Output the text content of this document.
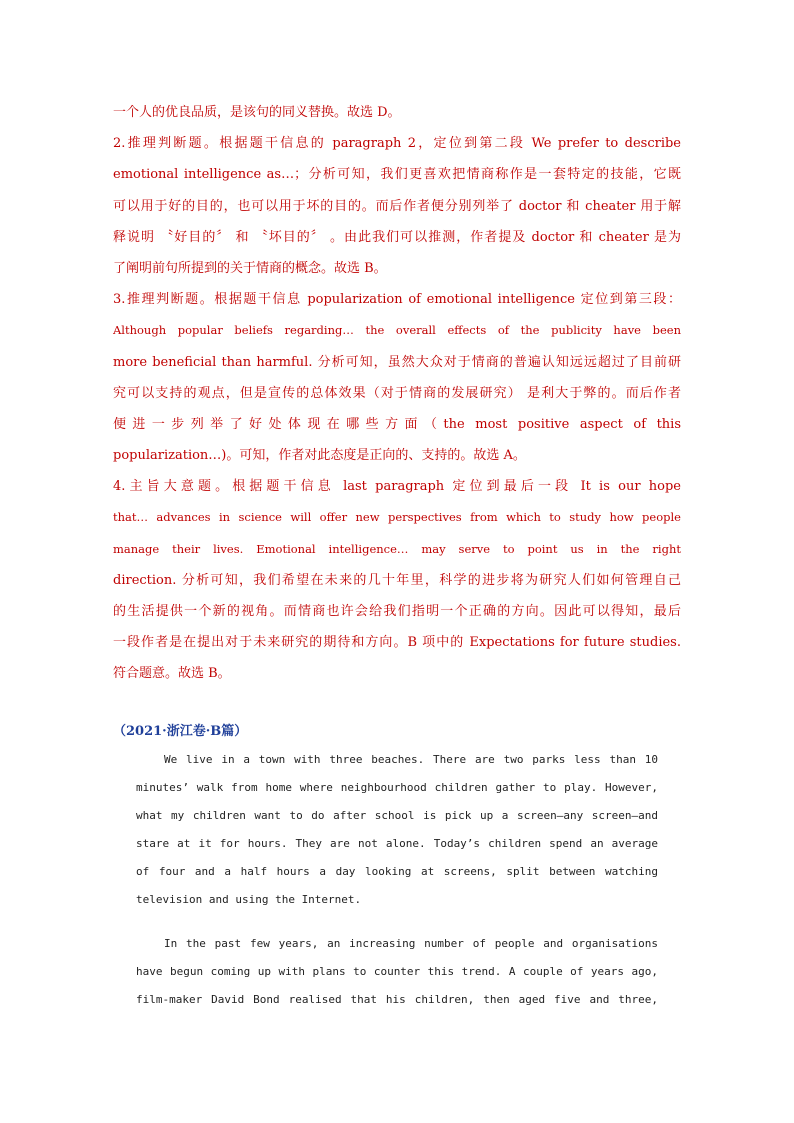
一个人的优良品质，是该句的同义替换。故选 D。
2.推理判断题。根据题干信息的 paragraph 2，定位到第二段 We prefer to describe
emotional intelligence as…；分析可知，我们更喜欢把情商称作是一套特定的技能，它既
可以用于好的目的，也可以用于坏的目的。而后作者便分别列举了 doctor 和 cheater 用于解
释说明 〝好目的〞 和 〝坏目的〞 。由此我们可以推测，作者提及 doctor 和 cheater 是为
了阐明前句所提到的关于情商的概念。故选 B。
3.推理判断题。根据题干信息 popularization of emotional intelligence 定位到第三段：
Although popular beliefs regarding… the overall effects of the publicity have been
more beneficial than harmful. 分析可知，虽然大众对于情商的普遍认知远远超过了目前研
究可以支持的观点，但是宣传的总体效果（对于情商的发展研究） 是利大于弊的。而后作者
便进一步列举了好处体现在哪些方面（the most positive aspect of this
popularization…)。可知，作者对此态度是正向的、支持的。故选 A。
4.主旨大意题。根据题干信息 last paragraph 定位到最后一段 It is our hope
that… advances in science will offer new perspectives from which to study how people
manage their lives. Emotional intelligence… may serve to point us in the right
direction. 分析可知，我们希望在未来的几十年里，科学的进步将为研究人们如何管理自己
的生活提供一个新的视角。而情商也许会给我们指明一个正确的方向。因此可以得知，最后
一段作者是在提出对于未来研究的期待和方向。B 项中的 Expectations for future studies.
符合题意。故选 B。
（2021·浙江卷·B篇）
We live in a town with three beaches. There are two parks less than 10
minutes’ walk from home where neighbourhood children gather to play. However,
what my children want to do after school is pick up a screen—any screen—and
stare at it for hours. They are not alone. Today’s children spend an average
of four and a half hours a day looking at screens, split between watching
television and using the Internet.
In the past few years, an increasing number of people and organisations
have begun coming up with plans to counter this trend. A couple of years ago,
film-maker David Bond realised that his children, then aged five and three,
